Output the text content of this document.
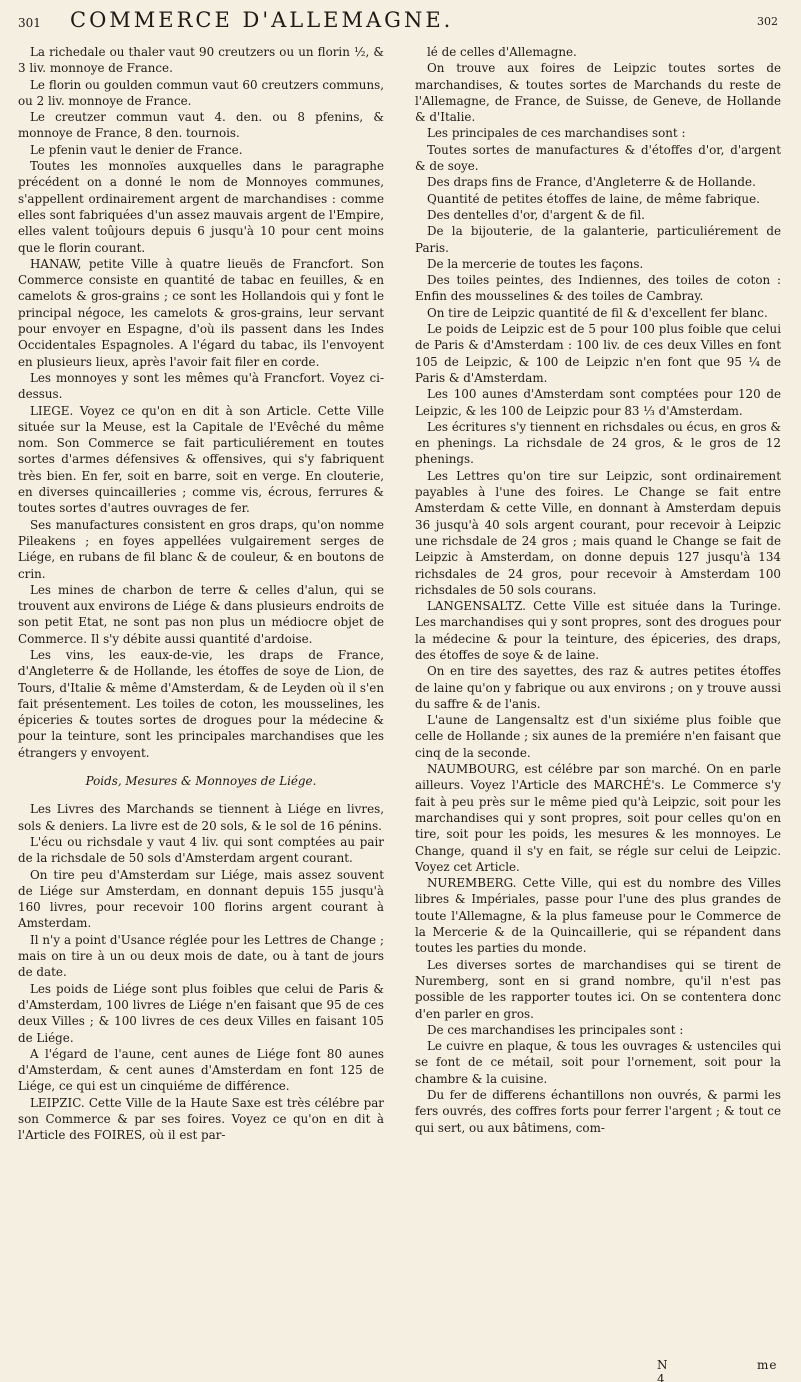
301 COMMERCE D'ALLEMAGNE.	302

La richedale ou thaler vaut 90 creutzers ou un florin ½, & 3 liv. monnoye de France.

Le florin ou goulden commun vaut 60 creutzers communs, ou 2 liv. monnoye de France.

Le creutzer commun vaut 4. den. ou 8 pfenins, & monnoye de France, 8 den. tournois.

Le pfenin vaut le denier de France.

Toutes les monnoïes auxquelles dans le paragraphe précédent on a donné le nom de Monnoyes communes, s'appellent ordinairement argent de marchandises : comme elles sont fabriquées d'un assez mauvais argent de l'Empire, elles valent toûjours depuis 6 jusqu'à 10 pour cent moins que le florin courant.

HANAW, petite Ville à quatre lieuës de Francfort. Son Commerce consiste en quantité de tabac en feuilles, & en camelots & gros-grains ; ce sont les Hollandois qui y font le principal négoce, les camelots & gros-grains, leur servant pour envoyer en Espagne, d'où ils passent dans les Indes Occidentales Espagnoles. A l'égard du tabac, ils l'envoyent en plusieurs lieux, après l'avoir fait filer en corde.

Les monnoyes y sont les mêmes qu'à Francfort. Voyez ci-dessus.

LIEGE. Voyez ce qu'on en dit à son Article. Cette Ville située sur la Meuse, est la Capitale de l'Evêché du même nom. Son Commerce se fait particuliérement en toutes sortes d'armes défensives & offensives, qui s'y fabriquent très bien. En fer, soit en barre, soit en verge. En clouterie, en diverses quincailleries ; comme vis, écrous, ferrures & toutes sortes d'autres ouvrages de fer.

Ses manufactures consistent en gros draps, qu'on nomme Pileakens ; en foyes appellées vulgairement serges de Liége, en rubans de fil blanc & de couleur, & en boutons de crin.

Les mines de charbon de terre & celles d'alun, qui se trouvent aux environs de Liége & dans plusieurs endroits de son petit Etat, ne sont pas non plus un médiocre objet de Commerce. Il s'y débite aussi quantité d'ardoise.

Les vins, les eaux-de-vie, les draps de France, d'Angleterre & de Hollande, les étoffes de soye de Lion, de Tours, d'Italie & même d'Amsterdam, & de Leyden où il s'en fait présentement. Les toiles de coton, les mousselines, les épiceries & toutes sortes de drogues pour la médecine & pour la teinture, sont les principales marchandises que les étrangers y envoyent.

Poids, Mesures & Monnoyes de Liége.

Les Livres des Marchands se tiennent à Liége en livres, sols & deniers. La livre est de 20 sols, & le sol de 16 pénins.

L'écu ou richsdale y vaut 4 liv. qui sont comptées au pair de la richsdale de 50 sols d'Amsterdam argent courant.

On tire peu d'Amsterdam sur Liége, mais assez souvent de Liége sur Amsterdam, en donnant depuis 155 jusqu'à 160 livres, pour recevoir 100 florins argent courant à Amsterdam.

Il n'y a point d'Usance réglée pour les Lettres de Change ; mais on tire à un ou deux mois de date, ou à tant de jours de date.

Les poids de Liége sont plus foibles que celui de Paris & d'Amsterdam, 100 livres de Liége n'en faisant que 95 de ces deux Villes ; & 100 livres de ces deux Villes en faisant 105 de Liége.

A l'égard de l'aune, cent aunes de Liége font 80 aunes d'Amsterdam, & cent aunes d'Amsterdam en font 125 de Liége, ce qui est un cinquiéme de différence.

LEIPZIC. Cette Ville de la Haute Saxe est très célébre par son Commerce & par ses foires. Voyez ce qu'on en dit à l'Article des FOIRES, où il est par-

lé de celles d'Allemagne.

On trouve aux foires de Leipzic toutes sortes de marchandises, & toutes sortes de Marchands du reste de l'Allemagne, de France, de Suisse, de Geneve, de Hollande & d'Italie.

Les principales de ces marchandises sont :

Toutes sortes de manufactures & d'étoffes d'or, d'argent & de soye.

Des draps fins de France, d'Angleterre & de Hollande.

Quantité de petites étoffes de laine, de même fabrique.

Des dentelles d'or, d'argent & de fil.

De la bijouterie, de la galanterie, particuliérement de Paris.

De la mercerie de toutes les façons.

Des toiles peintes, des Indiennes, des toiles de coton : Enfin des mousselines & des toiles de Cambray.

On tire de Leipzic quantité de fil & d'excellent fer blanc.

Le poids de Leipzic est de 5 pour 100 plus foible que celui de Paris & d'Amsterdam : 100 liv. de ces deux Villes en font 105 de Leipzic, & 100 de Leipzic n'en font que 95 ¼ de Paris & d'Amsterdam.

Les 100 aunes d'Amsterdam sont comptées pour 120 de Leipzic, & les 100 de Leipzic pour 83 ⅓ d'Amsterdam.

Les écritures s'y tiennent en richsdales ou écus, en gros & en phenings. La richsdale de 24 gros, & le gros de 12 phenings.

Les Lettres qu'on tire sur Leipzic, sont ordinairement payables à l'une des foires. Le Change se fait entre Amsterdam & cette Ville, en donnant à Amsterdam depuis 36 jusqu'à 40 sols argent courant, pour recevoir à Leipzic une richsdale de 24 gros ; mais quand le Change se fait de Leipzic à Amsterdam, on donne depuis 127 jusqu'à 134 richsdales de 24 gros, pour recevoir à Amsterdam 100 richsdales de 50 sols courans.

LANGENSALTZ. Cette Ville est située dans la Turinge. Les marchandises qui y sont propres, sont des drogues pour la médecine & pour la teinture, des épiceries, des draps, des étoffes de soye & de laine.

On en tire des sayettes, des raz & autres petites étoffes de laine qu'on y fabrique ou aux environs ; on y trouve aussi du saffre & de l'anis.

L'aune de Langensaltz est d'un sixiéme plus foible que celle de Hollande ; six aunes de la premiére n'en faisant que cinq de la seconde.

NAUMBOURG, est célébre par son marché. On en parle ailleurs. Voyez l'Article des MARCHÉ's. Le Commerce s'y fait à peu près sur le même pied qu'à Leipzic, soit pour les marchandises qui y sont propres, soit pour celles qu'on en tire, soit pour les poids, les mesures & les monnoyes. Le Change, quand il s'y en fait, se régle sur celui de Leipzic. Voyez cet Article.

NUREMBERG. Cette Ville, qui est du nombre des Villes libres & Impériales, passe pour l'une des plus grandes de toute l'Allemagne, & la plus fameuse pour le Commerce de la Mercerie & de la Quincaillerie, qui se répandent dans toutes les parties du monde.

Les diverses sortes de marchandises qui se tirent de Nuremberg, sont en si grand nombre, qu'il n'est pas possible de les rapporter toutes ici. On se contentera donc d'en parler en gros.

De ces marchandises les principales sont :

Le cuivre en plaque, & tous les ouvrages & ustenciles qui se font de ce métail, soit pour l'ornement, soit pour la chambre & la cuisine.

Du fer de differens échantillons non ouvrés, & parmi les fers ouvrés, des coffres forts pour ferrer l'argent ; & tout ce qui sert, ou aux bâtimens, com-

N 4
me
